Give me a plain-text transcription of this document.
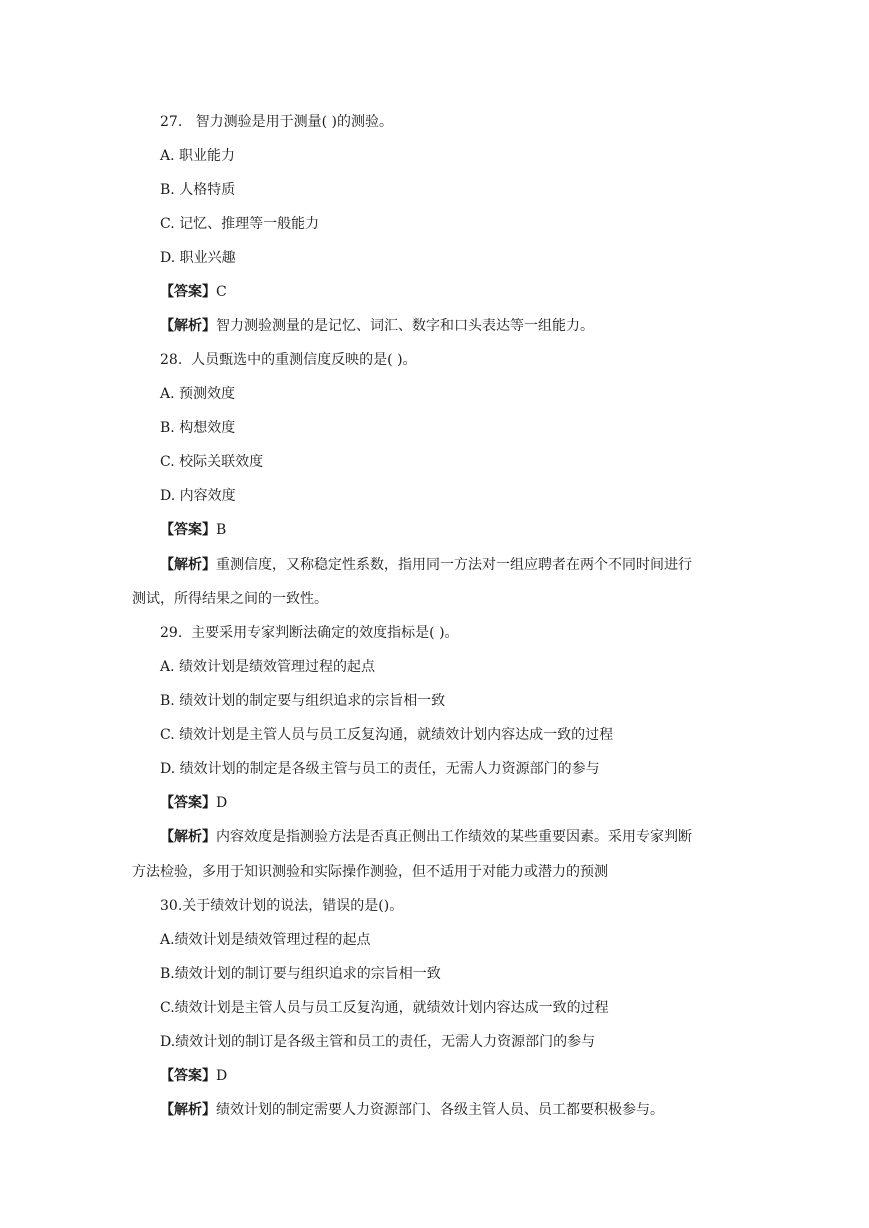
27. 智力测验是用于测量( )的测验。
A. 职业能力
B. 人格特质
C. 记忆、推理等一般能力
D. 职业兴趣
【答案】C
【解析】智力测验测量的是记忆、词汇、数字和口头表达等一组能力。
28. 人员甄选中的重测信度反映的是( )。
A. 预测效度
B. 构想效度
C. 校际关联效度
D. 内容效度
【答案】B
【解析】重测信度，又称稳定性系数，指用同一方法对一组应聘者在两个不同时间进行
测试，所得结果之间的一致性。
29. 主要采用专家判断法确定的效度指标是( )。
A. 绩效计划是绩效管理过程的起点
B. 绩效计划的制定要与组织追求的宗旨相一致
C. 绩效计划是主管人员与员工反复沟通，就绩效计划内容达成一致的过程
D. 绩效计划的制定是各级主管与员工的责任，无需人力资源部门的参与
【答案】D
【解析】内容效度是指测验方法是否真正侧出工作绩效的某些重要因素。采用专家判断
方法检验，多用于知识测验和实际操作测验，但不适用于对能力或潜力的预测
30.关于绩效计划的说法，错误的是()。
A.绩效计划是绩效管理过程的起点
B.绩效计划的制订要与组织追求的宗旨相一致
C.绩效计划是主管人员与员工反复沟通，就绩效计划内容达成一致的过程
D.绩效计划的制订是各级主管和员工的责任，无需人力资源部门的参与
【答案】D
【解析】绩效计划的制定需要人力资源部门、各级主管人员、员工都要积极参与。
